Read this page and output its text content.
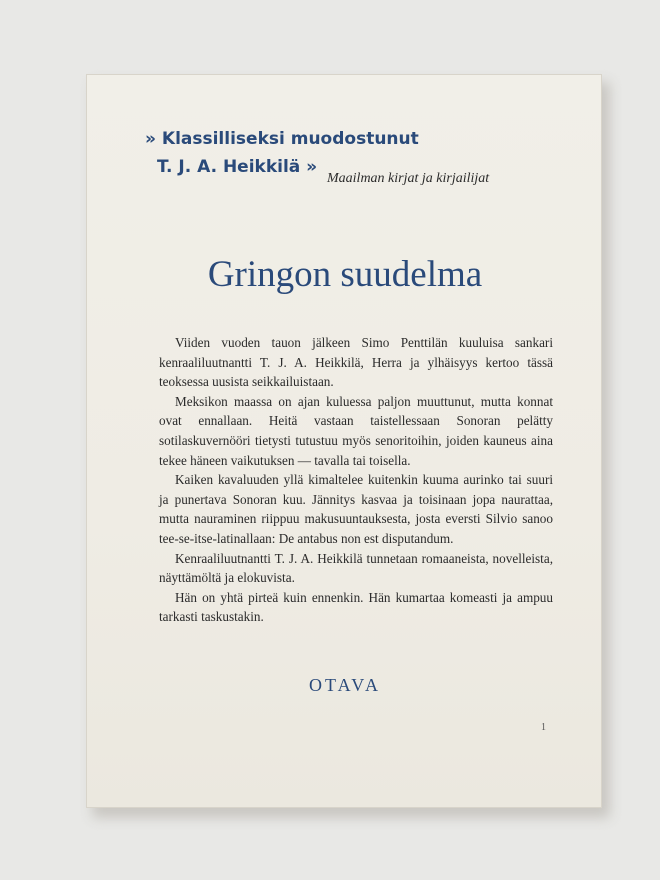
» Klassilliseksi muodostunut
T. J. A. Heikkilä »

Maailman kirjat ja kirjailijat

Gringon suudelma

Viiden vuoden tauon jälkeen Simo Penttilän kuuluisa sankari kenraaliluutnantti T. J. A. Heikkilä, Herra ja ylhäisyys kertoo tässä teoksessa uusista seikkailuistaan.

Meksikon maassa on ajan kuluessa paljon muuttunut, mutta konnat ovat ennallaan. Heitä vastaan taistellessaan Sonoran pelätty sotilaskuvernööri tietysti tutustuu myös senoritoihin, joiden kauneus aina tekee häneen vaikutuksen — tavalla tai toisella.

Kaiken kavaluuden yllä kimaltelee kuitenkin kuuma aurinko tai suuri ja punertava Sonoran kuu. Jännitys kasvaa ja toisinaan jopa naurattaa, mutta nauraminen riippuu makusuuntauksesta, josta eversti Silvio sanoo tee-se-itse-latinallaan: De antabus non est disputandum.

Kenraaliluutnantti T. J. A. Heikkilä tunnetaan romaaneista, novelleista, näyttämöltä ja elokuvista.

Hän on yhtä pirteä kuin ennenkin. Hän kumartaa komeasti ja ampuu tarkasti taskustakin.

OTAVA

1
